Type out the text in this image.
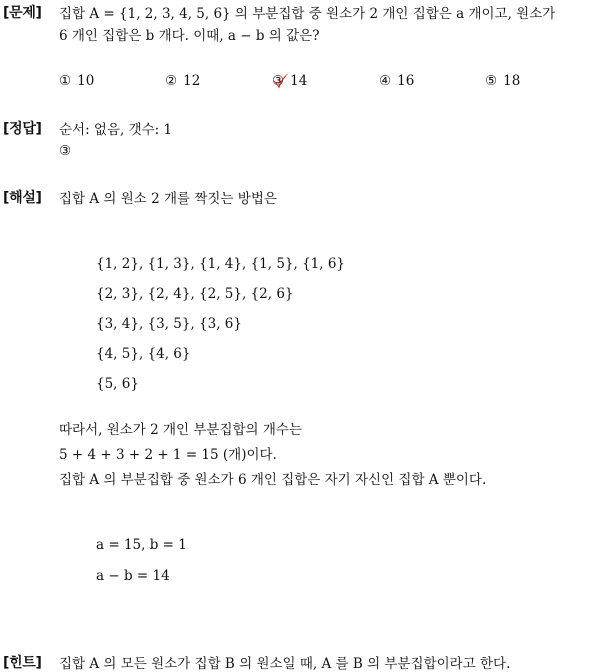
[문제] 집합 A = {1, 2, 3, 4, 5, 6} 의 부분집합 중 원소가 2 개인 집합은 a 개이고, 원소가
6 개인 집합은 b 개다. 이때, a − b 의 값은?
① 10	② 12	③ 14	④ 16	⑤ 18
[정답] 순서: 없음, 갯수: 1
③
[해설] 집합 A 의 원소 2 개를 짝짓는 방법은
{1, 2}, {1, 3}, {1, 4}, {1, 5}, {1, 6}
{2, 3}, {2, 4}, {2, 5}, {2, 6}
{3, 4}, {3, 5}, {3, 6}
{4, 5}, {4, 6}
{5, 6}
따라서, 원소가 2 개인 부분집합의 개수는
5 + 4 + 3 + 2 + 1 = 15 (개)이다.
집합 A 의 부분집합 중 원소가 6 개인 집합은 자기 자신인 집합 A 뿐이다.
a = 15, b = 1
a − b = 14
[힌트] 집합 A 의 모든 원소가 집합 B 의 원소일 때, A 를 B 의 부분집합이라고 한다.
